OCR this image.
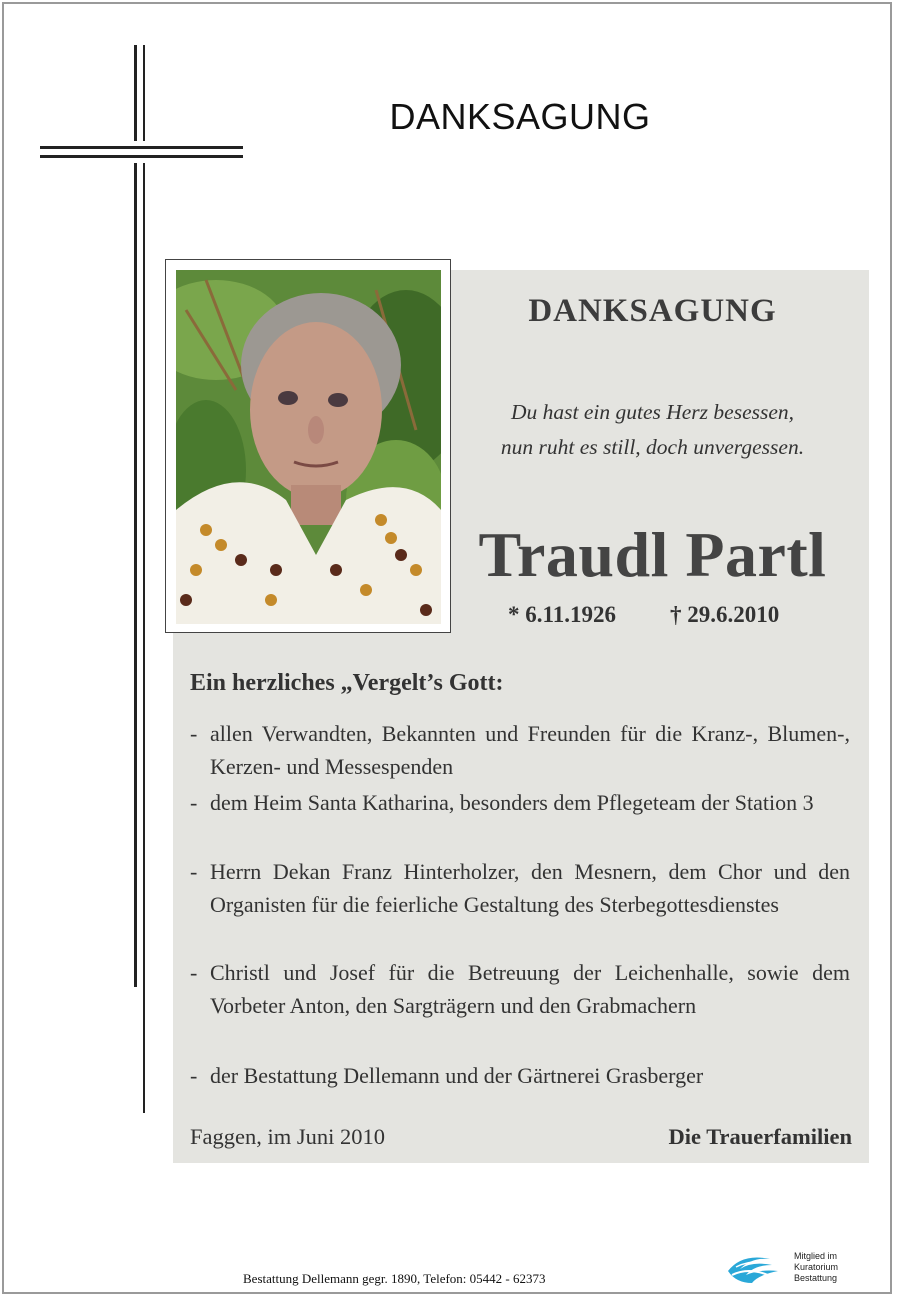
DANKSAGUNG
DANKSAGUNG
Du hast ein gutes Herz besessen,
nun ruht es still, doch unvergessen.
Traudl Partl
* 6.11.1926 † 29.6.2010
Ein herzliches „Vergelt’s Gott:
- allen Verwandten, Bekannten und Freunden für die Kranz-, Blumen-, Kerzen- und Messespenden
- dem Heim Santa Katharina, besonders dem Pflegeteam der Station 3
- Herrn Dekan Franz Hinterholzer, den Mesnern, dem Chor und den Organisten für die feierliche Gestaltung des Sterbegottesdienstes
- Christl und Josef für die Betreuung der Leichenhalle, sowie dem Vorbeter Anton, den Sargträgern und den Grabmachern
- der Bestattung Dellemann und der Gärtnerei Grasberger
Faggen, im Juni 2010	Die Trauerfamilien
Bestattung Dellemann gegr. 1890, Telefon: 05442 - 62373
Mitglied im
Kuratorium Bestattung
